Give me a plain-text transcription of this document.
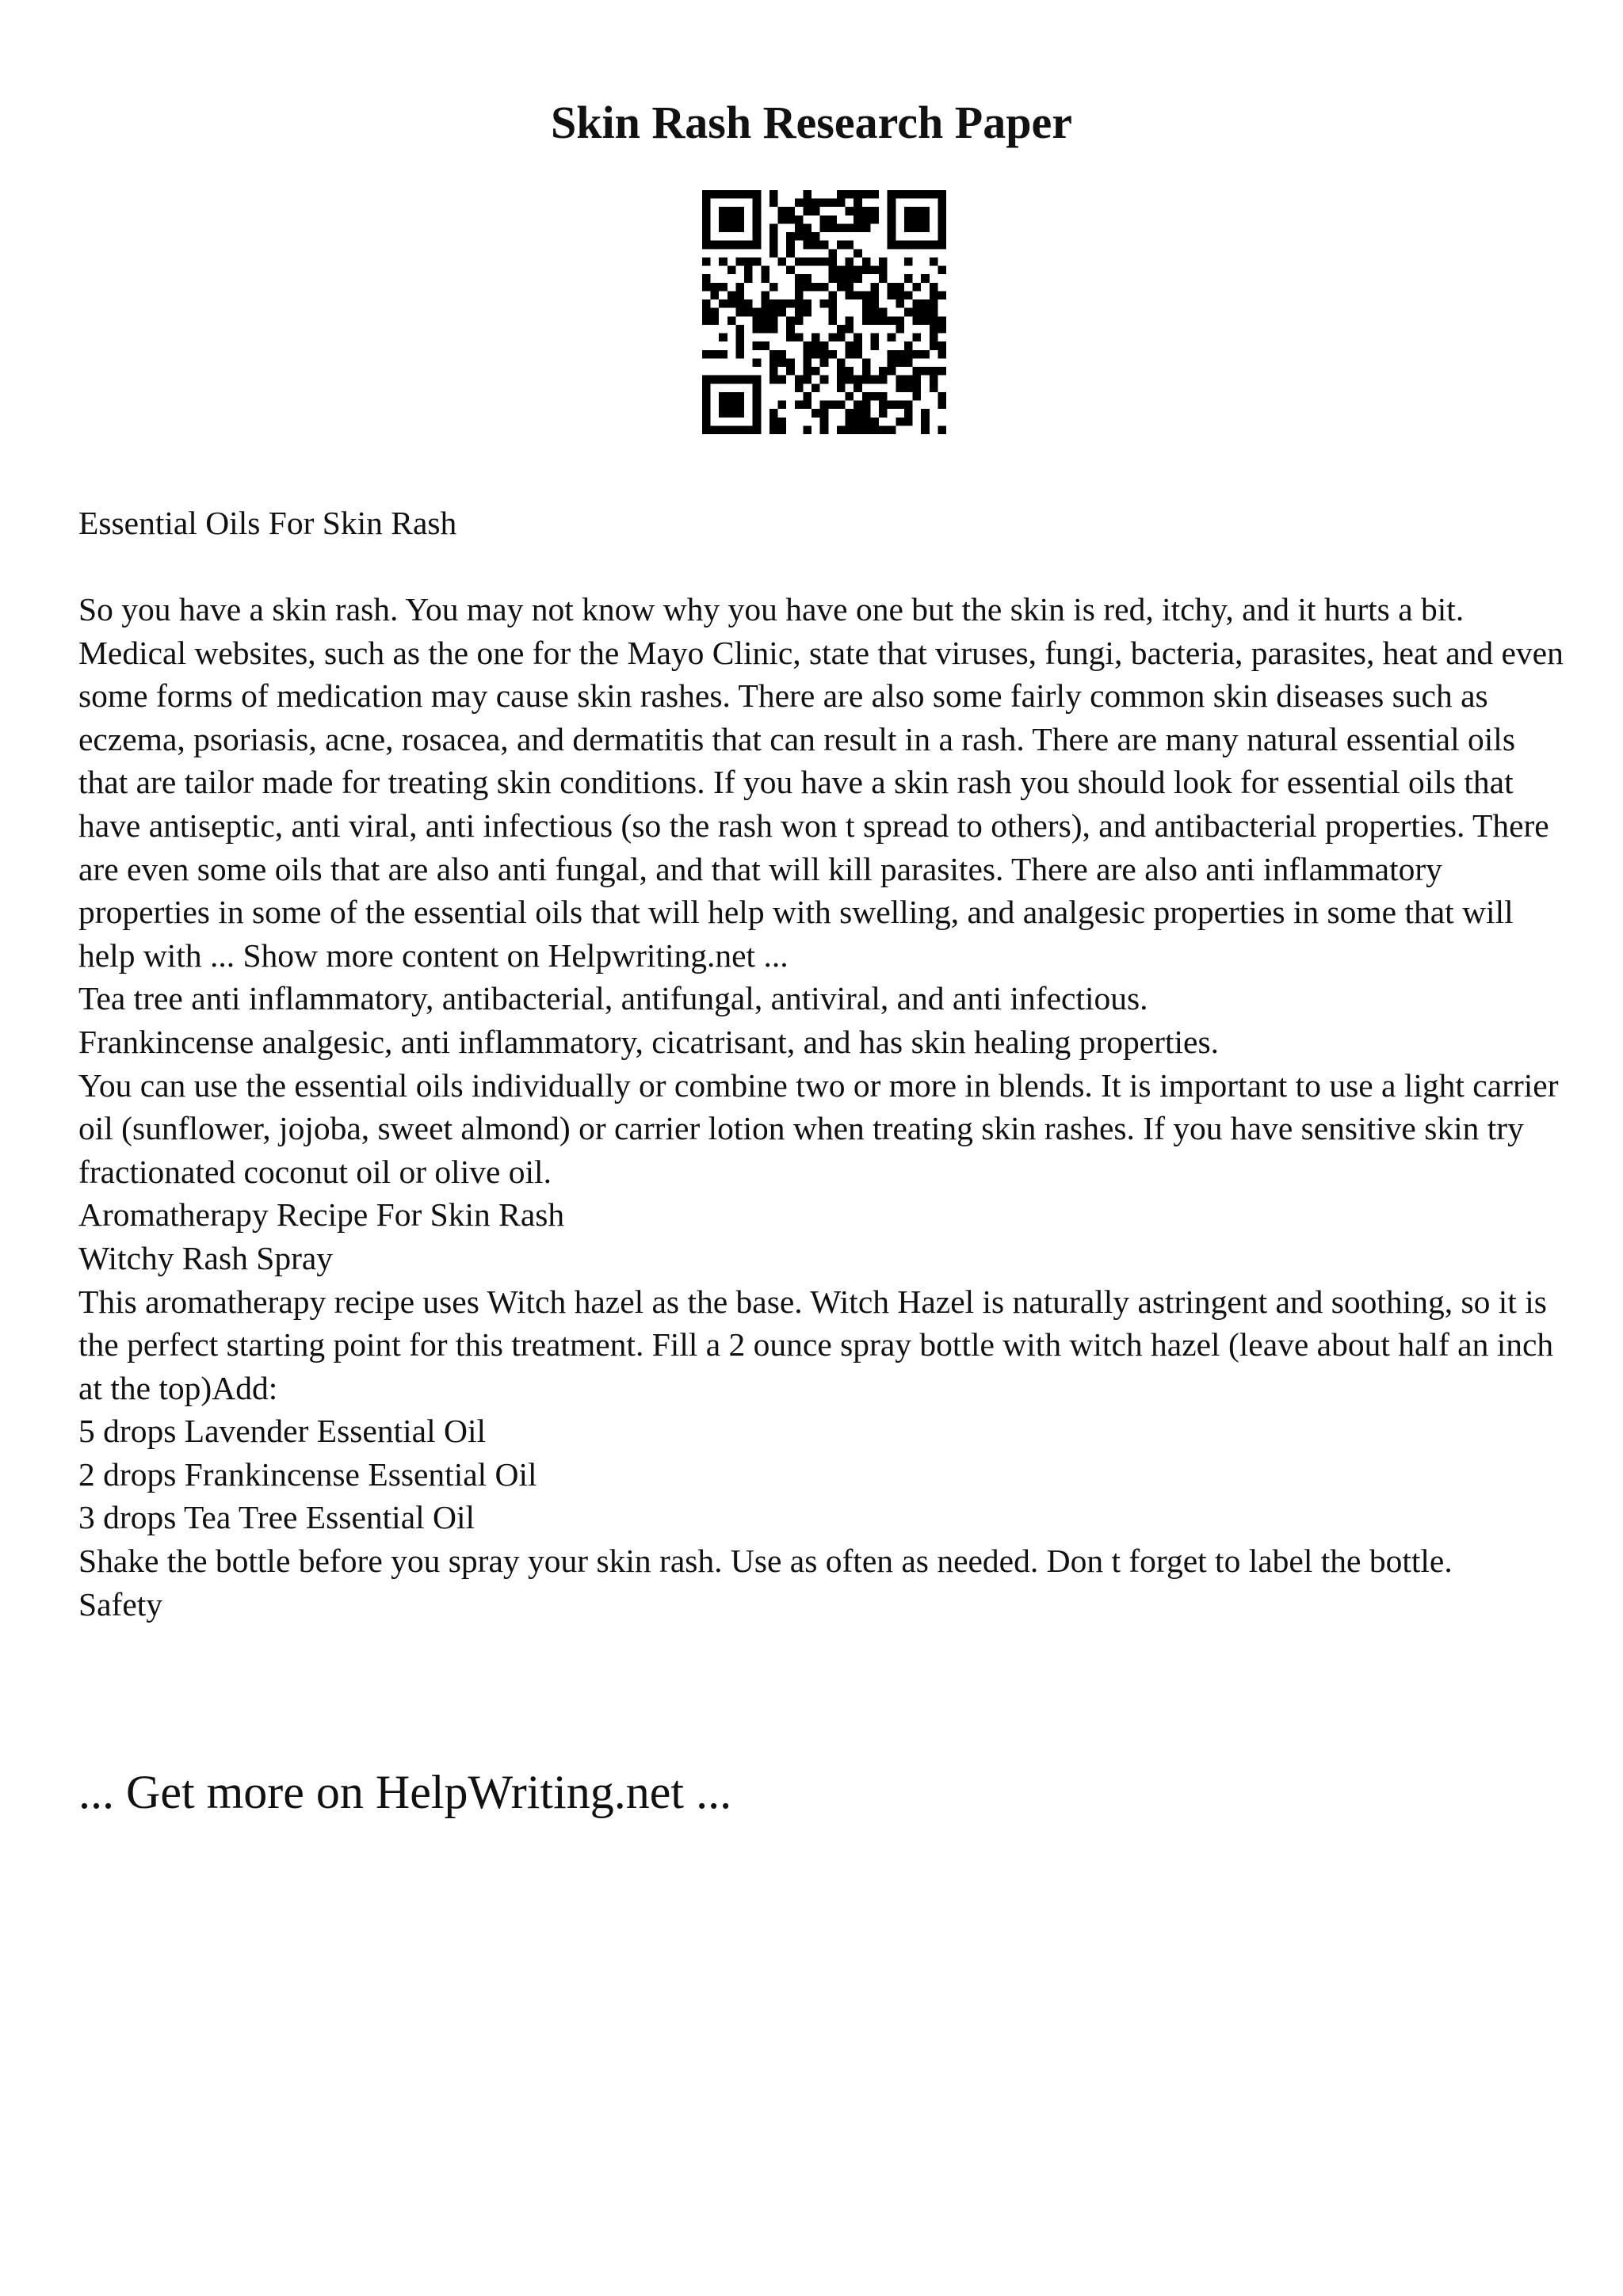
Skin Rash Research Paper

Essential Oils For Skin Rash

So you have a skin rash. You may not know why you have one but the skin is red, itchy, and it hurts a bit. Medical websites, such as the one for the Mayo Clinic, state that viruses, fungi, bacteria, parasites, heat and even some forms of medication may cause skin rashes. There are also some fairly common skin diseases such as eczema, psoriasis, acne, rosacea, and dermatitis that can result in a rash. There are many natural essential oils that are tailor made for treating skin conditions. If you have a skin rash you should look for essential oils that have antiseptic, anti viral, anti infectious (so the rash won t spread to others), and antibacterial properties. There are even some oils that are also anti fungal, and that will kill parasites. There are also anti inflammatory properties in some of the essential oils that will help with swelling, and analgesic properties in some that will help with ... Show more content on Helpwriting.net ...

Tea tree anti inflammatory, antibacterial, antifungal, antiviral, and anti infectious.

Frankincense analgesic, anti inflammatory, cicatrisant, and has skin healing properties.

You can use the essential oils individually or combine two or more in blends. It is important to use a light carrier oil (sunflower, jojoba, sweet almond) or carrier lotion when treating skin rashes. If you have sensitive skin try fractionated coconut oil or olive oil.

Aromatherapy Recipe For Skin Rash

Witchy Rash Spray

This aromatherapy recipe uses Witch hazel as the base. Witch Hazel is naturally astringent and soothing, so it is the perfect starting point for this treatment. Fill a 2 ounce spray bottle with witch hazel (leave about half an inch at the top)Add:

5 drops Lavender Essential Oil

2 drops Frankincense Essential Oil

3 drops Tea Tree Essential Oil

Shake the bottle before you spray your skin rash. Use as often as needed. Don t forget to label the bottle.

Safety

... Get more on HelpWriting.net ...
